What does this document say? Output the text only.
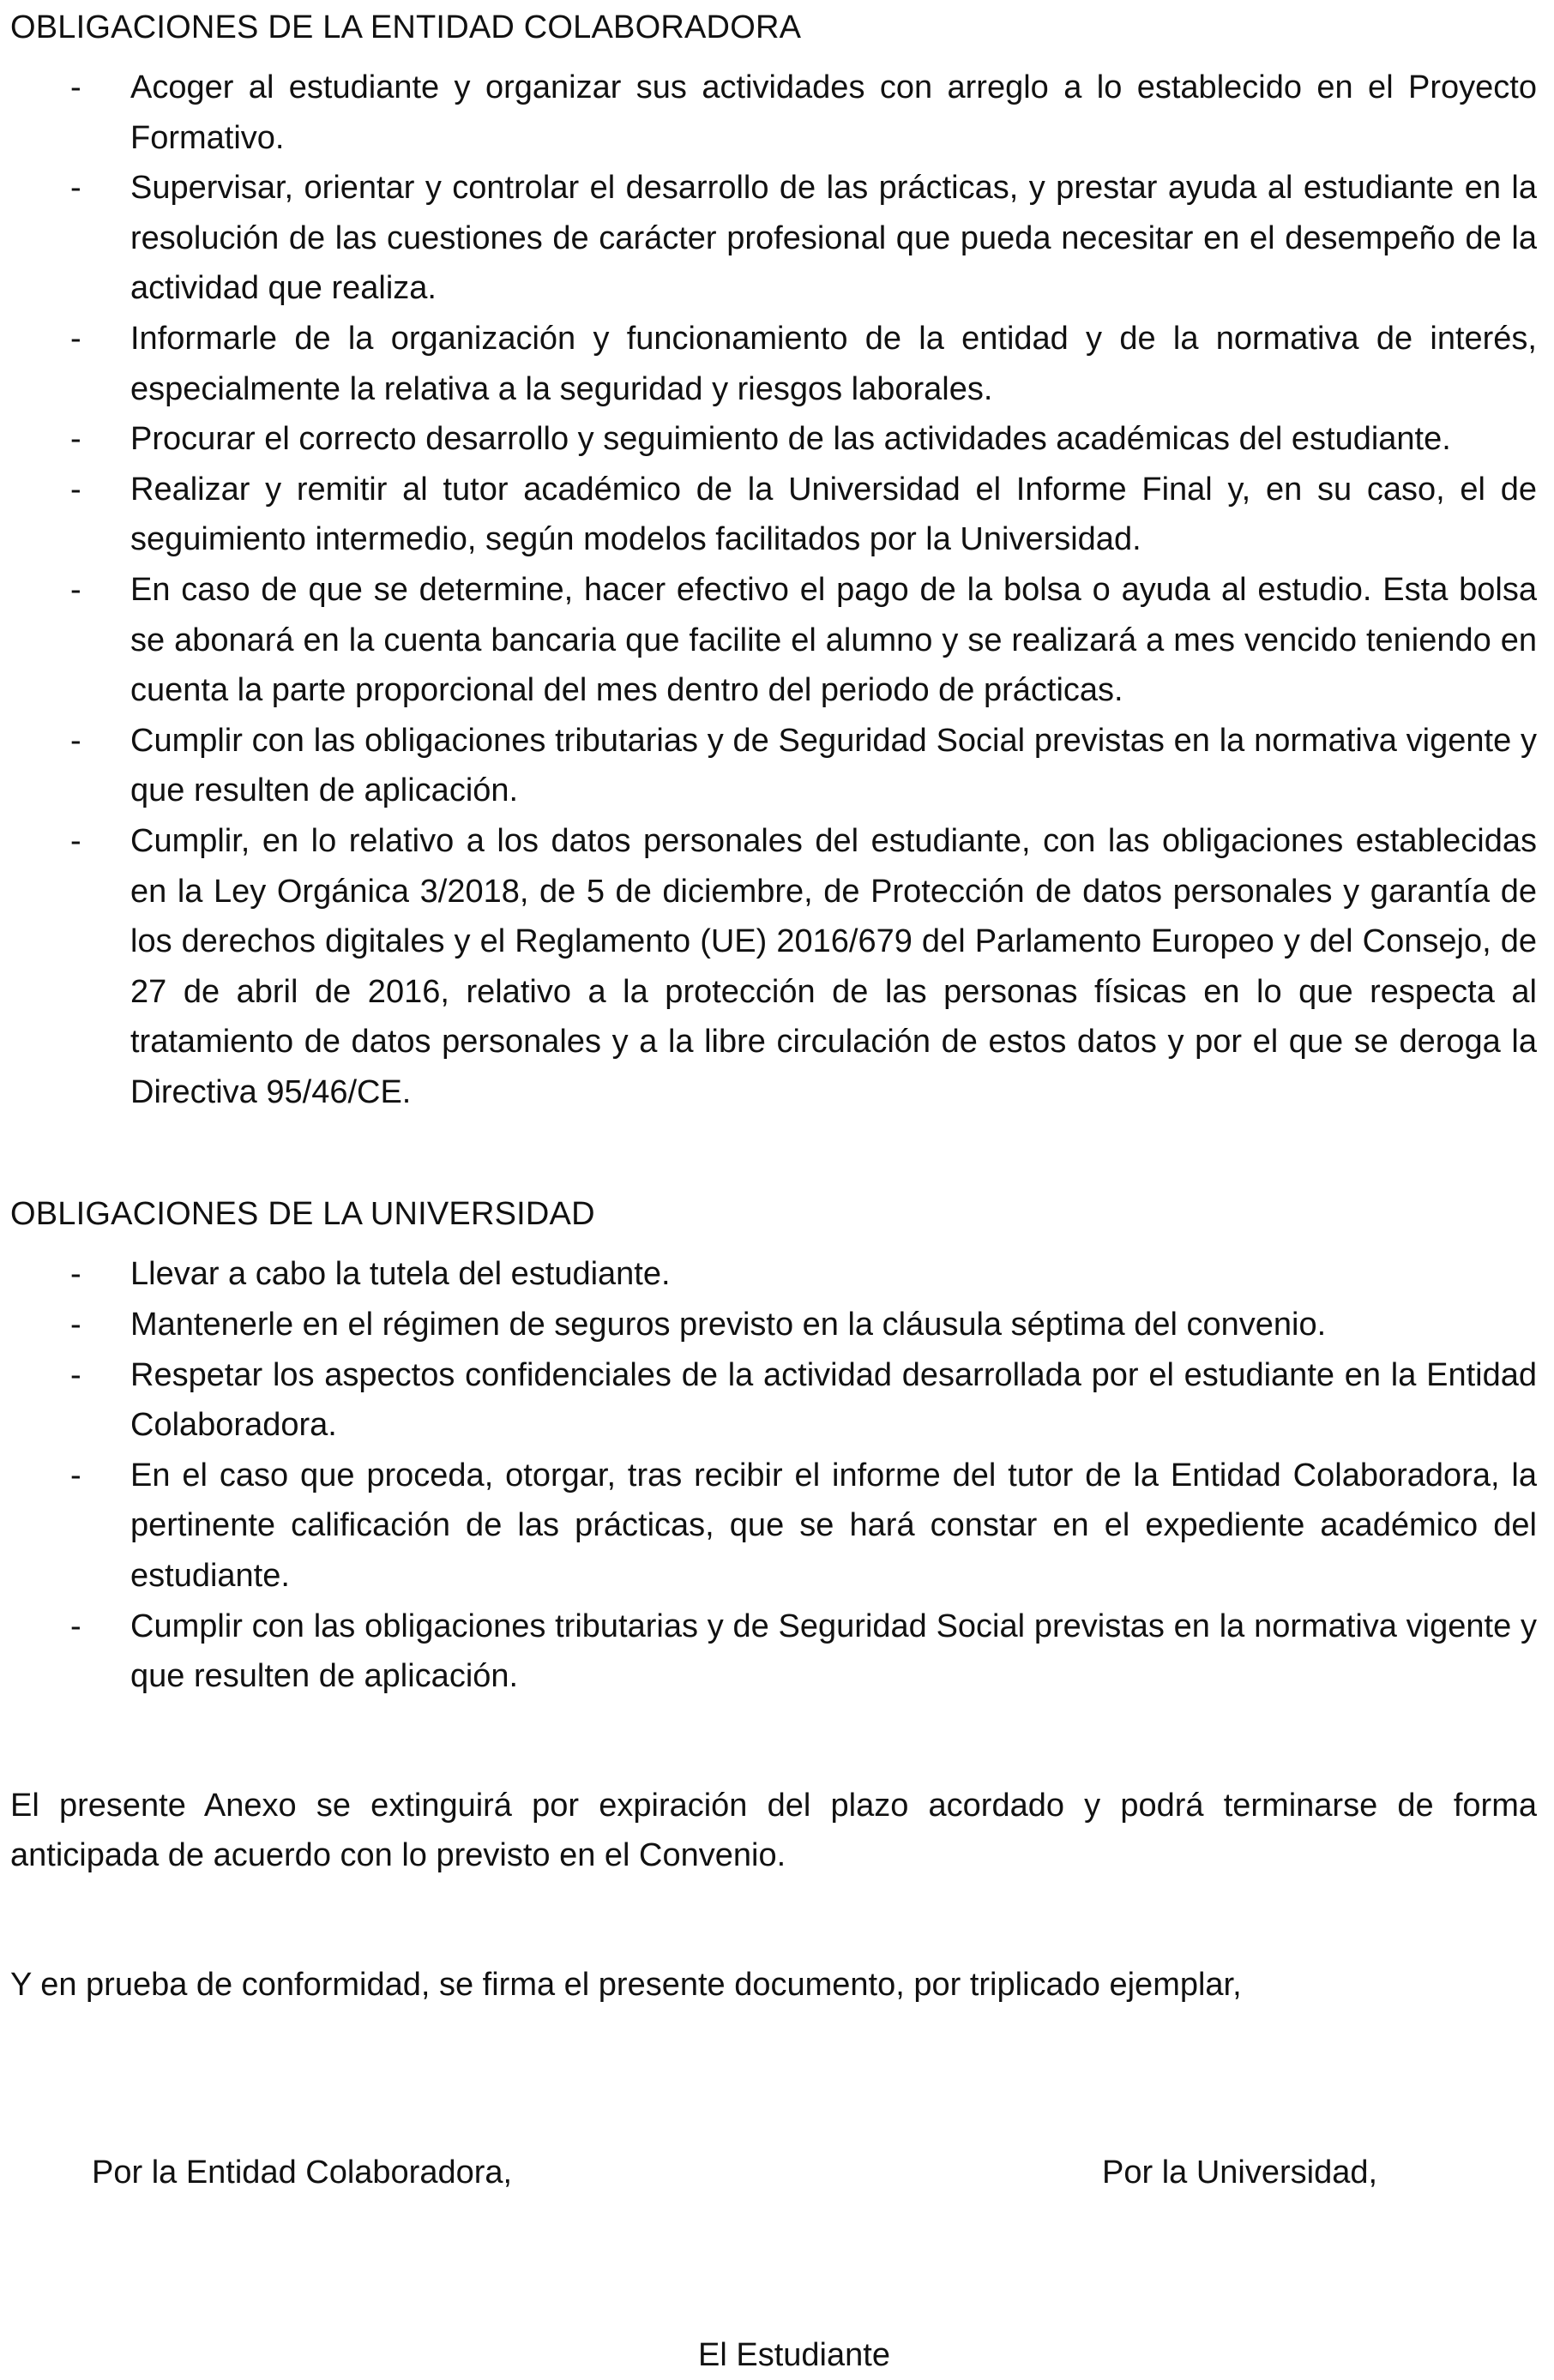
OBLIGACIONES DE LA ENTIDAD COLABORADORA
- Acoger al estudiante y organizar sus actividades con arreglo a lo establecido en el Proyecto Formativo.
- Supervisar, orientar y controlar el desarrollo de las prácticas, y prestar ayuda al estudiante en la resolución de las cuestiones de carácter profesional que pueda necesitar en el desempeño de la actividad que realiza.
- Informarle de la organización y funcionamiento de la entidad y de la normativa de interés, especialmente la relativa a la seguridad y riesgos laborales.
- Procurar el correcto desarrollo y seguimiento de las actividades académicas del estudiante.
- Realizar y remitir al tutor académico de la Universidad el Informe Final y, en su caso, el de seguimiento intermedio, según modelos facilitados por la Universidad.
- En caso de que se determine, hacer efectivo el pago de la bolsa o ayuda al estudio. Esta bolsa se abonará en la cuenta bancaria que facilite el alumno y se realizará a mes vencido teniendo en cuenta la parte proporcional del mes dentro del periodo de prácticas.
- Cumplir con las obligaciones tributarias y de Seguridad Social previstas en la normativa vigente y que resulten de aplicación.
- Cumplir, en lo relativo a los datos personales del estudiante, con las obligaciones establecidas en la Ley Orgánica 3/2018, de 5 de diciembre, de Protección de datos personales y garantía de los derechos digitales y el Reglamento (UE) 2016/679 del Parlamento Europeo y del Consejo, de 27 de abril de 2016, relativo a la protección de las personas físicas en lo que respecta al tratamiento de datos personales y a la libre circulación de estos datos y por el que se deroga la Directiva 95/46/CE.
OBLIGACIONES DE LA UNIVERSIDAD
- Llevar a cabo la tutela del estudiante.
- Mantenerle en el régimen de seguros previsto en la cláusula séptima del convenio.
- Respetar los aspectos confidenciales de la actividad desarrollada por el estudiante en la Entidad Colaboradora.
- En el caso que proceda, otorgar, tras recibir el informe del tutor de la Entidad Colaboradora, la pertinente calificación de las prácticas, que se hará constar en el expediente académico del estudiante.
- Cumplir con las obligaciones tributarias y de Seguridad Social previstas en la normativa vigente y que resulten de aplicación.

El presente Anexo se extinguirá por expiración del plazo acordado y podrá terminarse de forma anticipada de acuerdo con lo previsto en el Convenio.

Y en prueba de conformidad, se firma el presente documento, por triplicado ejemplar,

Por la Entidad Colaboradora,	Por la Universidad,
El Estudiante
